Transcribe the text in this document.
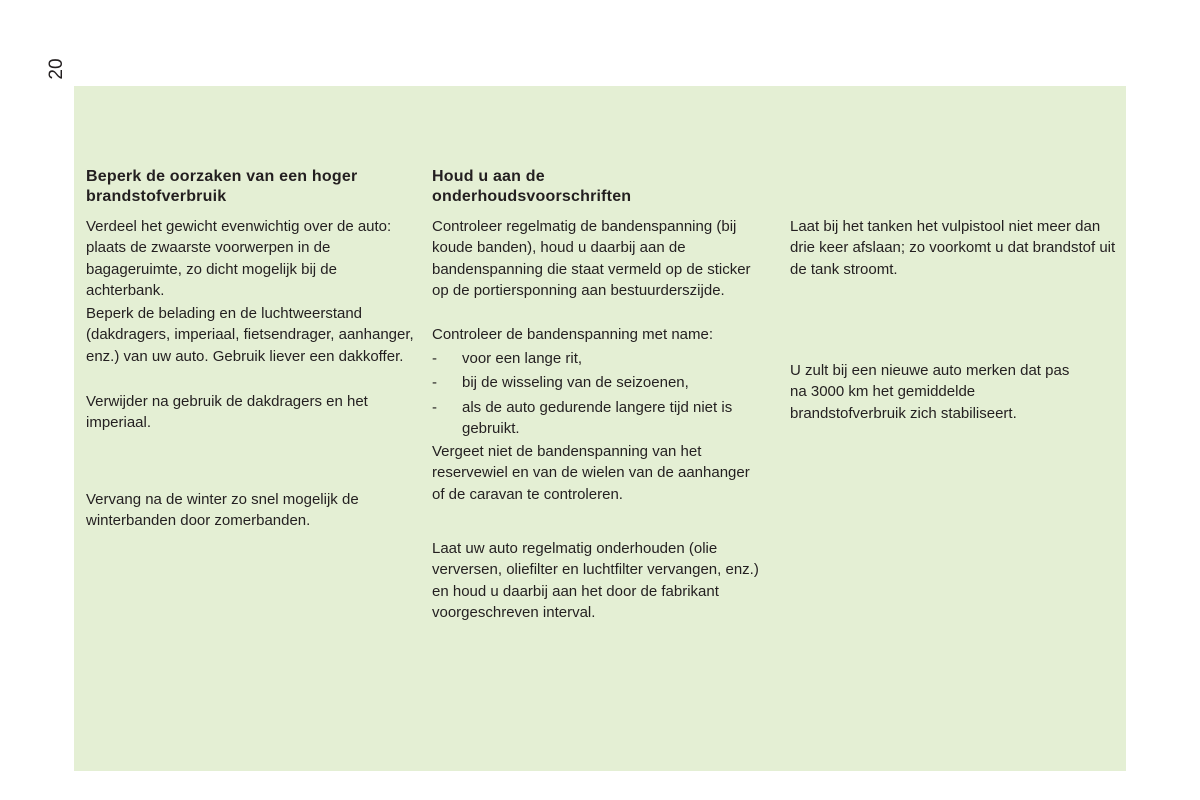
20
Beperk de oorzaken van een hoger brandstofverbruik

Verdeel het gewicht evenwichtig over de auto: plaats de zwaarste voorwerpen in de bagageruimte, zo dicht mogelijk bij de achterbank.

Beperk de belading en de luchtweerstand (dakdragers, imperiaal, fietsendrager, aanhanger, enz.) van uw auto. Gebruik liever een dakkoffer.

Verwijder na gebruik de dakdragers en het imperiaal.

Vervang na de winter zo snel mogelijk de winterbanden door zomerbanden.

Houd u aan de onderhoudsvoorschriften

Controleer regelmatig de bandenspanning (bij koude banden), houd u daarbij aan de bandenspanning die staat vermeld op de sticker op de portiersponning aan bestuurderszijde.

Controleer de bandenspanning met name:

- voor een lange rit,
- bij de wisseling van de seizoenen,
- als de auto gedurende langere tijd niet is gebruikt.

Vergeet niet de bandenspanning van het reservewiel en van de wielen van de aanhanger of de caravan te controleren.

Laat uw auto regelmatig onderhouden (olie verversen, oliefilter en luchtfilter vervangen, enz.) en houd u daarbij aan het door de fabrikant voorgeschreven interval.

Laat bij het tanken het vulpistool niet meer dan drie keer afslaan; zo voorkomt u dat brandstof uit de tank stroomt.

U zult bij een nieuwe auto merken dat pas na 3000 km het gemiddelde brandstofverbruik zich stabiliseert.
